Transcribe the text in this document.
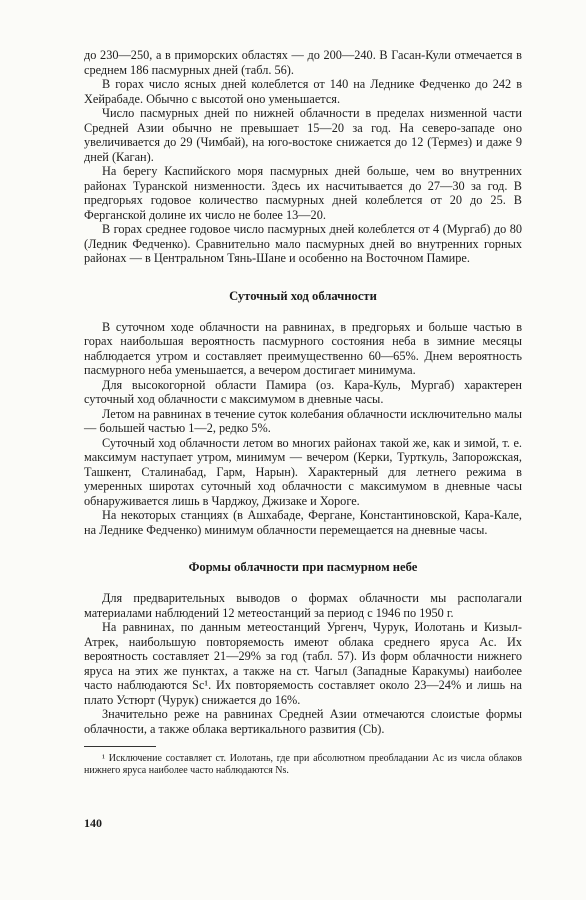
до 230—250, а в приморских областях — до 200—240. В Гасан-Кули отмечается в среднем 186 пасмурных дней (табл. 56).

В горах число ясных дней колеблется от 140 на Леднике Федченко до 242 в Хейрабаде. Обычно с высотой оно уменьшается.

Число пасмурных дней по нижней облачности в пределах низменной части Средней Азии обычно не превышает 15—20 за год. На северо-западе оно увеличивается до 29 (Чимбай), на юго-востоке снижается до 12 (Термез) и даже 9 дней (Каган).

На берегу Каспийского моря пасмурных дней больше, чем во внутренних районах Туранской низменности. Здесь их насчитывается до 27—30 за год. В предгорьях годовое количество пасмурных дней колеблется от 20 до 25. В Ферганской долине их число не более 13—20.

В горах среднее годовое число пасмурных дней колеблется от 4 (Мургаб) до 80 (Ледник Федченко). Сравнительно мало пасмурных дней во внутренних горных районах — в Центральном Тянь-Шане и особенно на Восточном Памире.

Суточный ход облачности

В суточном ходе облачности на равнинах, в предгорьях и больше частью в горах наибольшая вероятность пасмурного состояния неба в зимние месяцы наблюдается утром и составляет преимущественно 60—65%. Днем вероятность пасмурного неба уменьшается, а вечером достигает минимума.

Для высокогорной области Памира (оз. Кара-Куль, Мургаб) характерен суточный ход облачности с максимумом в дневные часы.

Летом на равнинах в течение суток колебания облачности исключительно малы — большей частью 1—2, редко 5%.

Суточный ход облачности летом во многих районах такой же, как и зимой, т. е. максимум наступает утром, минимум — вечером (Керки, Турткуль, Запорожская, Ташкент, Сталинабад, Гарм, Нарын). Характерный для летнего режима в умеренных широтах суточный ход облачности с максимумом в дневные часы обнаруживается лишь в Чарджоу, Джизаке и Хороге.

На некоторых станциях (в Ашхабаде, Фергане, Константиновской, Кара-Кале, на Леднике Федченко) минимум облачности перемещается на дневные часы.

Формы облачности при пасмурном небе

Для предварительных выводов о формах облачности мы располагали материалами наблюдений 12 метеостанций за период с 1946 по 1950 г.

На равнинах, по данным метеостанций Ургенч, Чурук, Иолотань и Кизыл-Атрек, наибольшую повторяемость имеют облака среднего яруса Ac. Их вероятность составляет 21—29% за год (табл. 57). Из форм облачности нижнего яруса на этих же пунктах, а также на ст. Чагыл (Западные Каракумы) наиболее часто наблюдаются Sc¹. Их повторяемость составляет около 23—24% и лишь на плато Устюрт (Чурук) снижается до 16%.

Значительно реже на равнинах Средней Азии отмечаются слоистые формы облачности, а также облака вертикального развития (Cb).

¹ Исключение составляет ст. Иолотань, где при абсолютном преобладании Ac из числа облаков нижнего яруса наиболее часто наблюдаются Ns.

140
